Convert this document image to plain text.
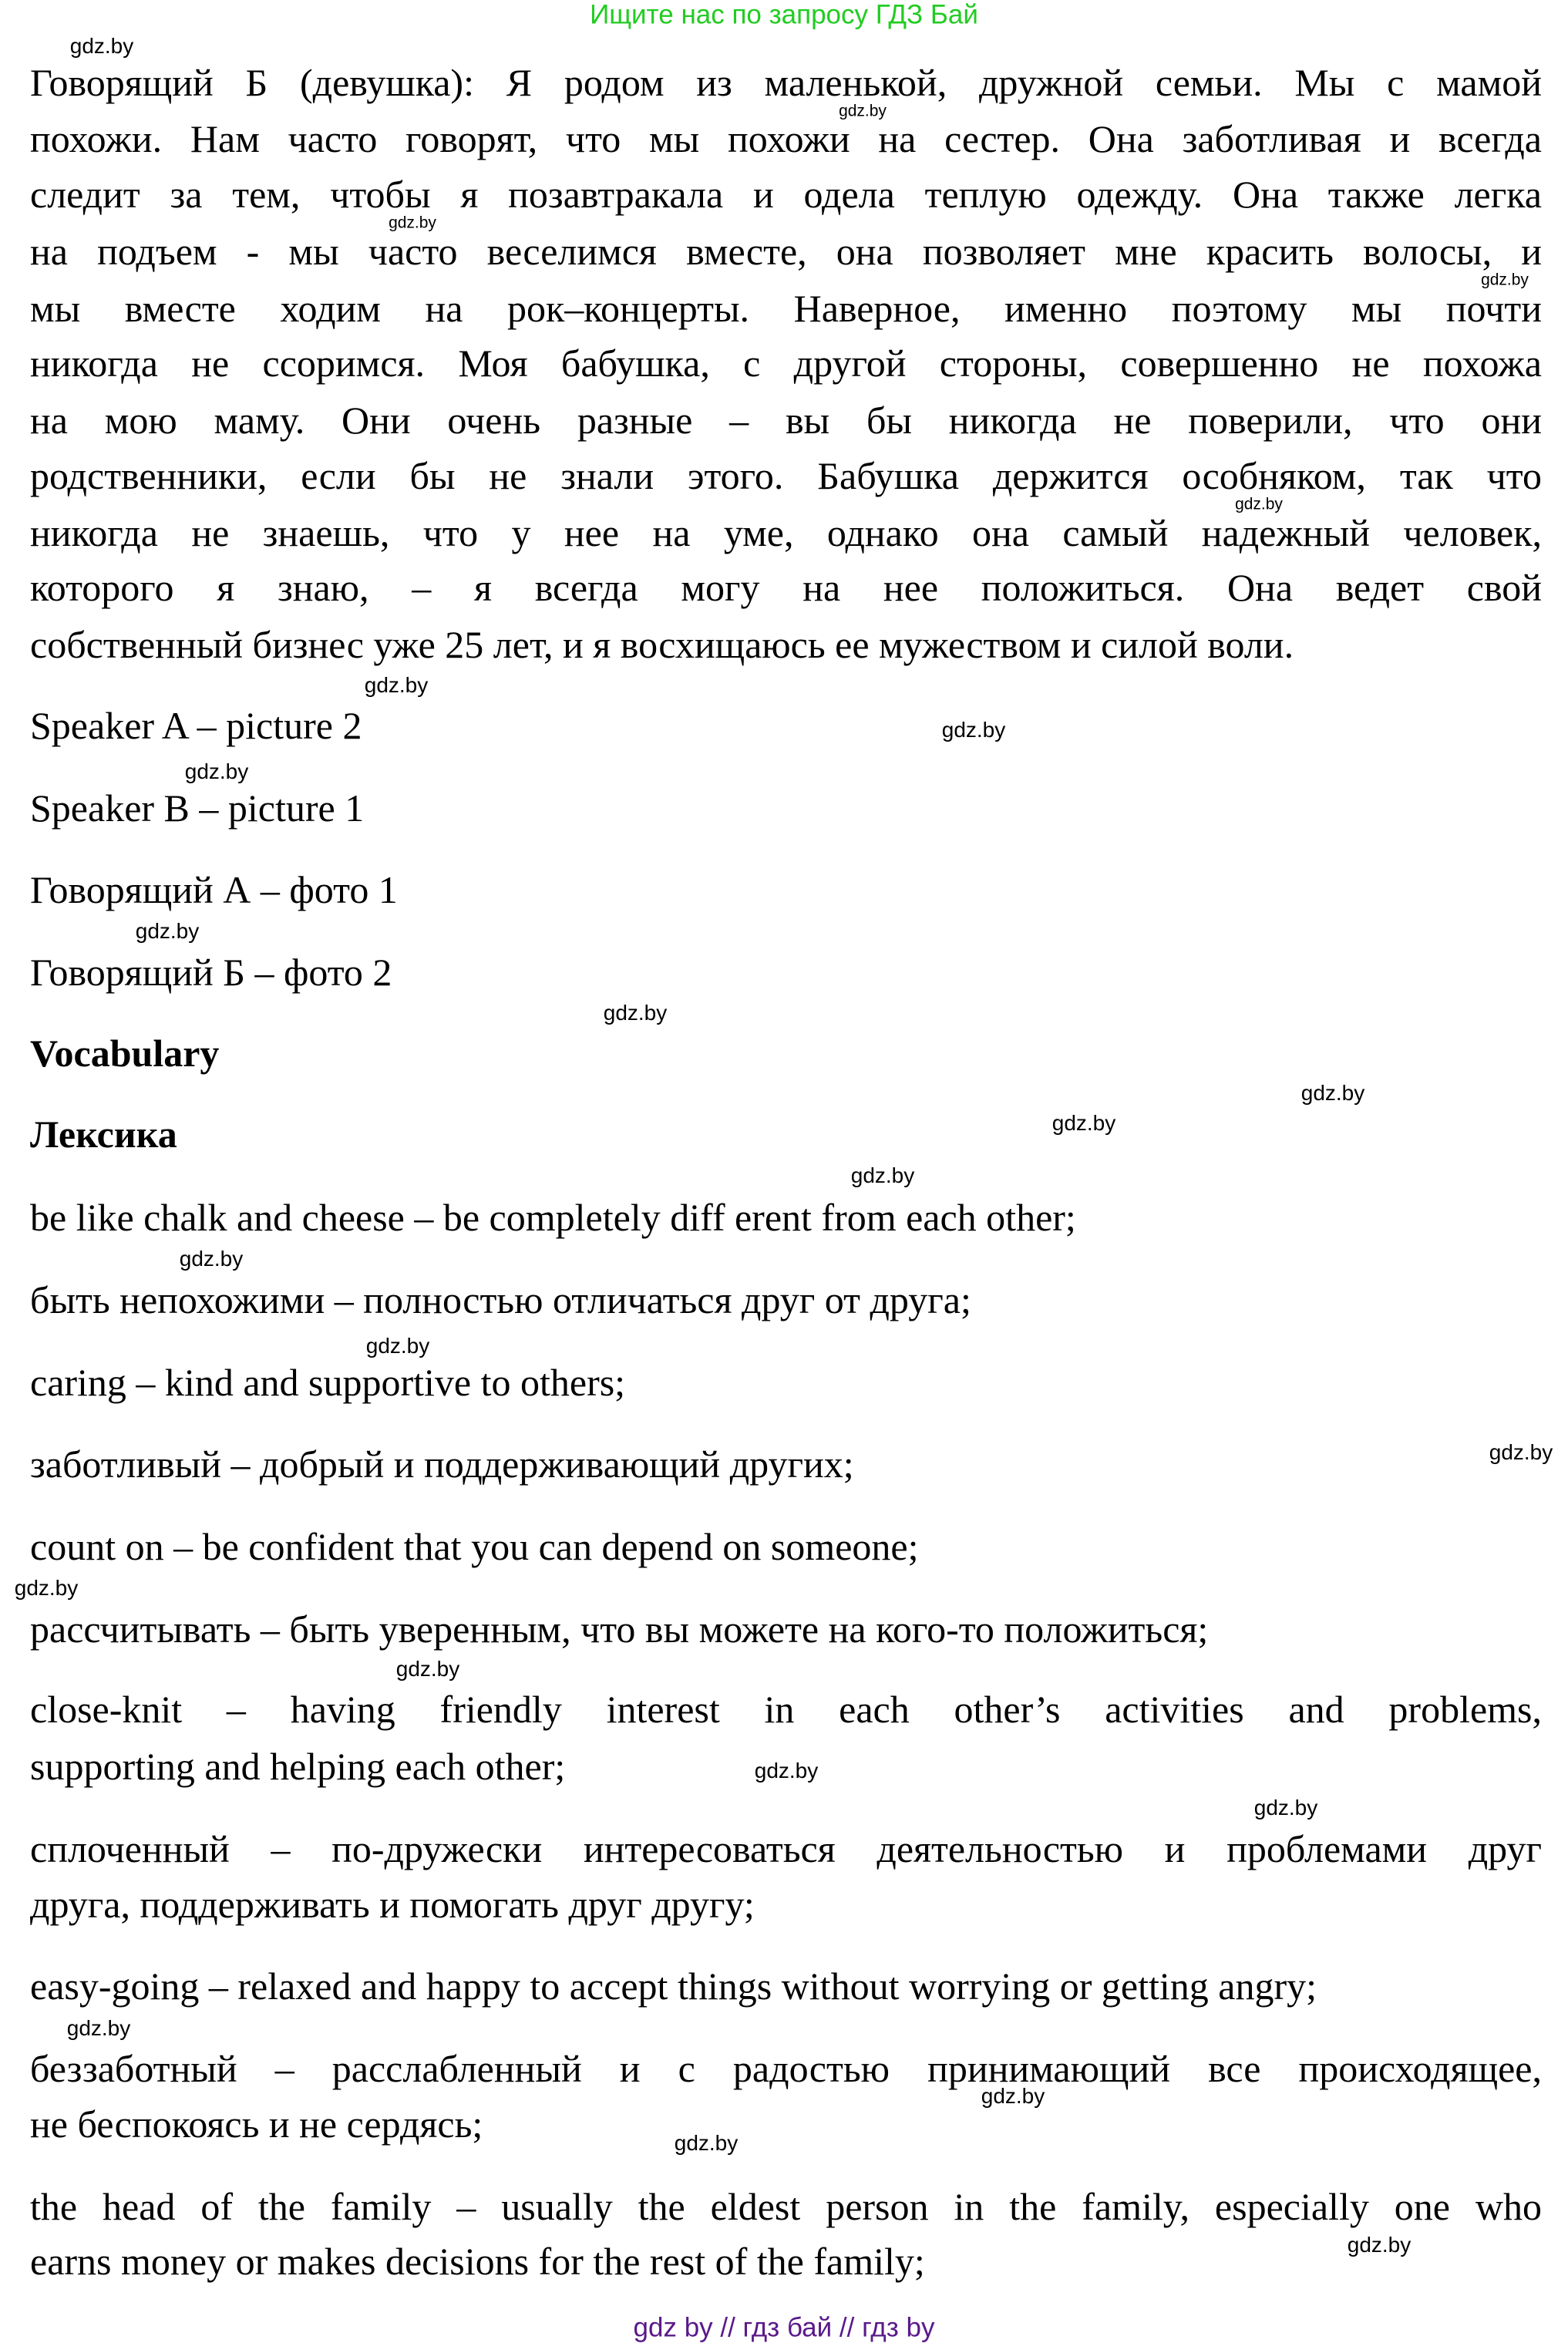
Ищите нас по запросу ГДЗ Бай
Говорящий Б (девушка): Я родом из маленькой, дружной семьи. Мы с мамой
похожи. Нам часто говорят, что мы похожи на сестер. Она заботливая и всегда
следит за тем, чтобы я позавтракала и одела теплую одежду. Она также легка
на подъем - мы часто веселимся вместе, она позволяет мне красить волосы, и
мы вместе ходим на рок–концерты. Наверное, именно поэтому мы почти
никогда не ссоримся. Моя бабушка, с другой стороны, совершенно не похожа
на мою маму. Они очень разные – вы бы никогда не поверили, что они
родственники, если бы не знали этого. Бабушка держится особняком, так что
никогда не знаешь, что у нее на уме, однако она самый надежный человек,
которого я знаю, – я всегда могу на нее положиться. Она ведет свой
собственный бизнес уже 25 лет, и я восхищаюсь ее мужеством и силой воли.
Speaker A – picture 2
Speaker B – picture 1
Говорящий А – фото 1
Говорящий Б – фото 2
Vocabulary
Лексика
be like chalk and cheese – be completely diff erent from each other;
быть непохожими – полностью отличаться друг от друга;
caring – kind and supportive to others;
заботливый – добрый и поддерживающий других;
count on – be confident that you can depend on someone;
рассчитывать – быть уверенным, что вы можете на кого-то положиться;
close-knit – having friendly interest in each other’s activities and problems,
supporting and helping each other;
сплоченный – по-дружески интересоваться деятельностью и проблемами друг
друга, поддерживать и помогать друг другу;
easy-going – relaxed and happy to accept things without worrying or getting angry;
беззаботный – расслабленный и с радостью принимающий все происходящее,
не беспокоясь и не сердясь;
the head of the family – usually the eldest person in the family, especially one who
earns money or makes decisions for the rest of the family;
gdz.by
gdz.by
gdz.by
gdz.by
gdz.by
gdz.by
gdz.by
gdz.by
gdz.by
gdz.by
gdz.by
gdz.by
gdz.by
gdz.by
gdz.by
gdz.by
gdz.by
gdz.by
gdz.by
gdz.by
gdz.by
gdz.by
gdz.by
gdz.by
gdz by // гдз бай // гдз by
